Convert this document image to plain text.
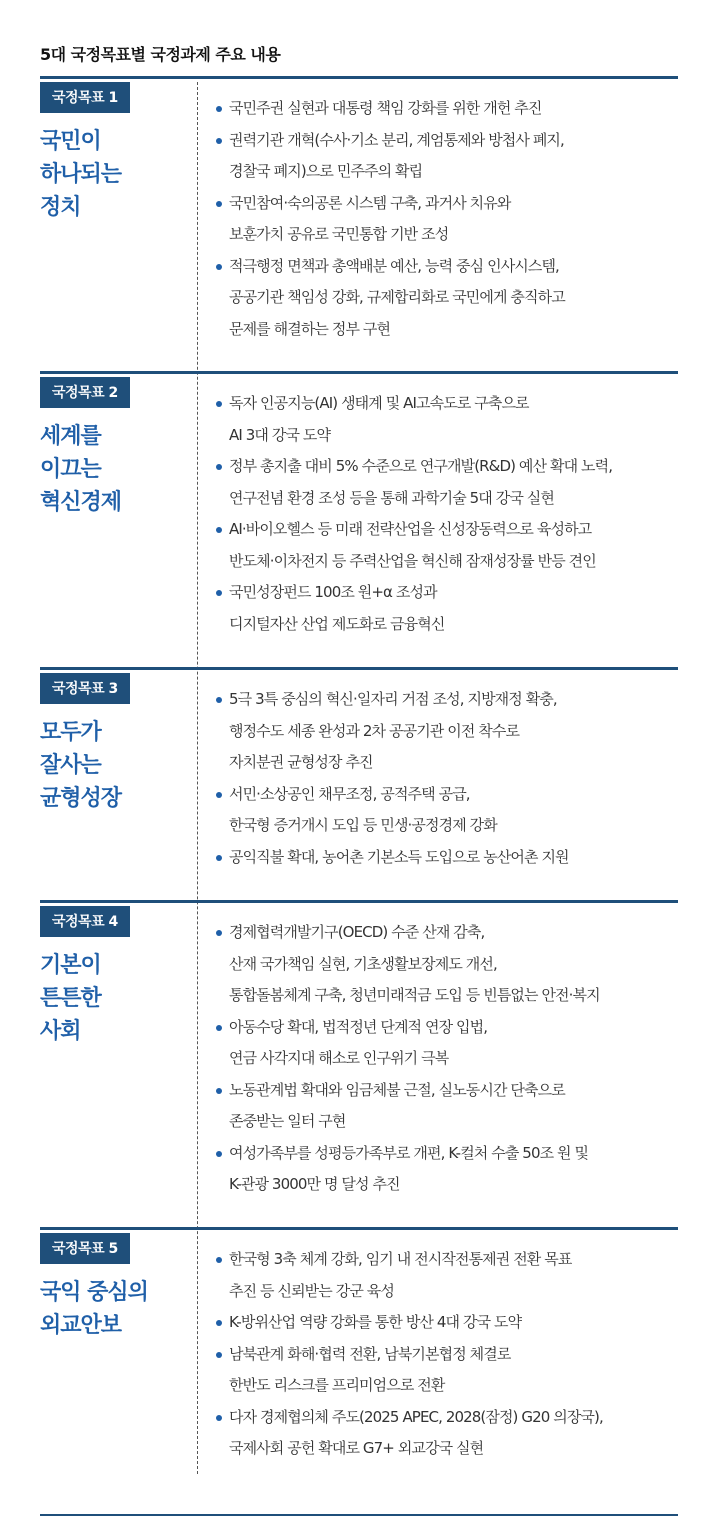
5대 국정목표별 국정과제 주요 내용
국정목표 1
국민이
하나되는
정치
국민주권 실현과 대통령 책임 강화를 위한 개헌 추진
권력기관 개혁(수사·기소 분리, 계엄통제와 방첩사 폐지,
경찰국 폐지)으로 민주주의 확립
국민참여·숙의공론 시스템 구축, 과거사 치유와
보훈가치 공유로 국민통합 기반 조성
적극행정 면책과 총액배분 예산, 능력 중심 인사시스템,
공공기관 책임성 강화, 규제합리화로 국민에게 충직하고
문제를 해결하는 정부 구현
국정목표 2
세계를
이끄는
혁신경제
독자 인공지능(AI) 생태계 및 AI고속도로 구축으로
AI 3대 강국 도약
정부 총지출 대비 5% 수준으로 연구개발(R&D) 예산 확대 노력,
연구전념 환경 조성 등을 통해 과학기술 5대 강국 실현
AI·바이오헬스 등 미래 전략산업을 신성장동력으로 육성하고
반도체·이차전지 등 주력산업을 혁신해 잠재성장률 반등 견인
국민성장펀드 100조 원+α 조성과
디지털자산 산업 제도화로 금융혁신
국정목표 3
모두가
잘사는
균형성장
5극 3특 중심의 혁신·일자리 거점 조성, 지방재정 확충,
행정수도 세종 완성과 2차 공공기관 이전 착수로
자치분권 균형성장 추진
서민·소상공인 채무조정, 공적주택 공급,
한국형 증거개시 도입 등 민생·공정경제 강화
공익직불 확대, 농어촌 기본소득 도입으로 농산어촌 지원
국정목표 4
기본이
튼튼한
사회
경제협력개발기구(OECD) 수준 산재 감축,
산재 국가책임 실현, 기초생활보장제도 개선,
통합돌봄체계 구축, 청년미래적금 도입 등 빈틈없는 안전·복지
아동수당 확대, 법적정년 단계적 연장 입법,
연금 사각지대 해소로 인구위기 극복
노동관계법 확대와 임금체불 근절, 실노동시간 단축으로
존중받는 일터 구현
여성가족부를 성평등가족부로 개편, K-컬처 수출 50조 원 및
K-관광 3000만 명 달성 추진
국정목표 5
국익 중심의
외교안보
한국형 3축 체계 강화, 임기 내 전시작전통제권 전환 목표
추진 등 신뢰받는 강군 육성
K-방위산업 역량 강화를 통한 방산 4대 강국 도약
남북관계 화해·협력 전환, 남북기본협정 체결로
한반도 리스크를 프리미엄으로 전환
다자 경제협의체 주도(2025 APEC, 2028(잠정) G20 의장국),
국제사회 공헌 확대로 G7+ 외교강국 실현
